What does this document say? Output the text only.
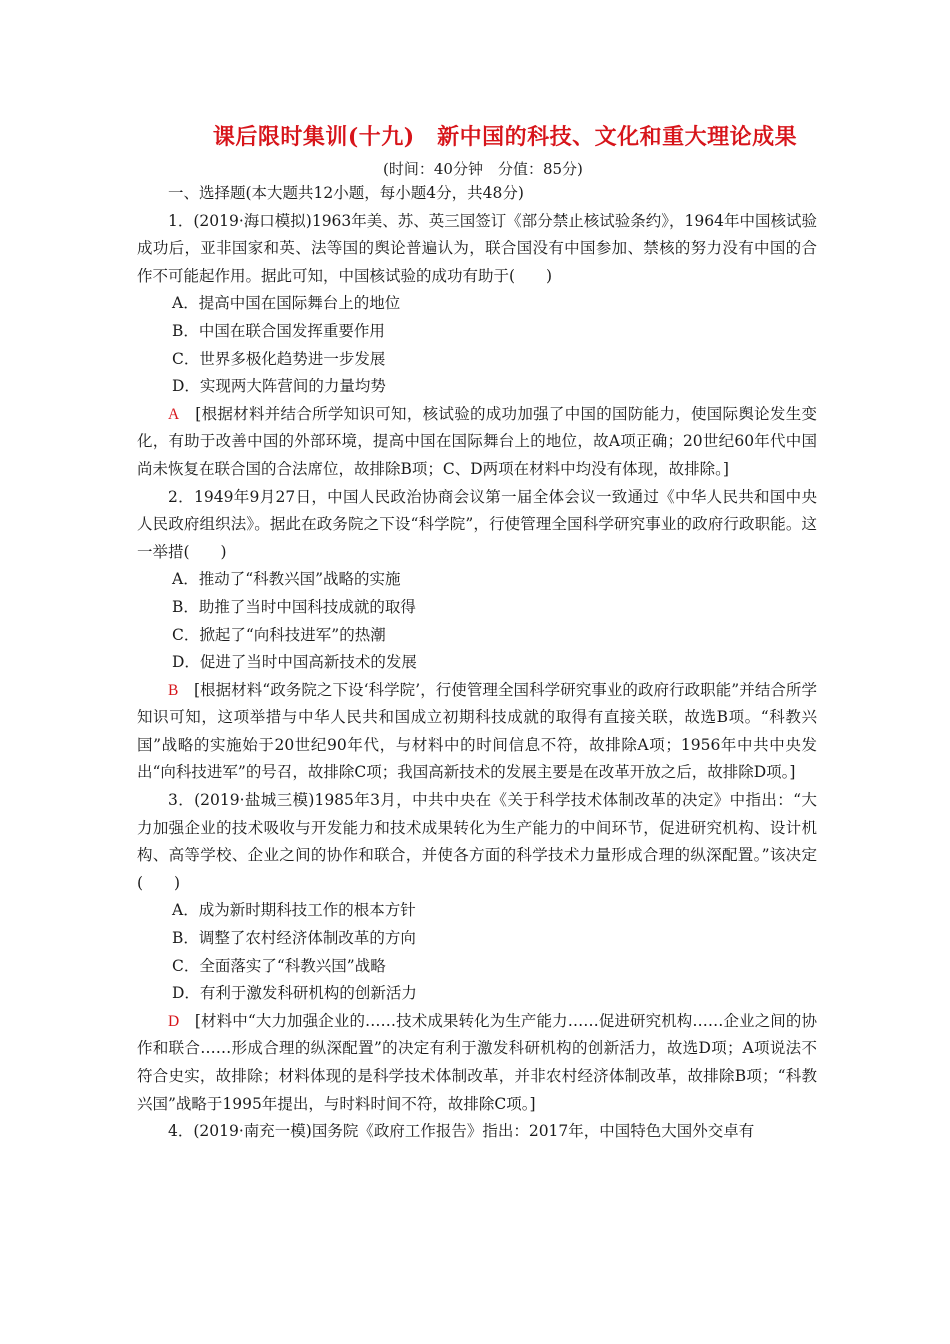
课后限时集训(十九)　新中国的科技、文化和重大理论成果
(时间：40分钟　分值：85分)

一、选择题(本大题共12小题，每小题4分，共48分)

1．(2019·海口模拟)1963年美、苏、英三国签订《部分禁止核试验条约》，1964年中国核试验成功后，亚非国家和英、法等国的舆论普遍认为，联合国没有中国参加、禁核的努力没有中国的合作不可能起作用。据此可知，中国核试验的成功有助于(　　)

A．提高中国在国际舞台上的地位

B．中国在联合国发挥重要作用

C．世界多极化趋势进一步发展

D．实现两大阵营间的力量均势

A　[根据材料并结合所学知识可知，核试验的成功加强了中国的国防能力，使国际舆论发生变化，有助于改善中国的外部环境，提高中国在国际舞台上的地位，故A项正确；20世纪60年代中国尚未恢复在联合国的合法席位，故排除B项；C、D两项在材料中均没有体现，故排除。]

2．1949年9月27日，中国人民政治协商会议第一届全体会议一致通过《中华人民共和国中央人民政府组织法》。据此在政务院之下设“科学院”，行使管理全国科学研究事业的政府行政职能。这一举措(　　)

A．推动了“科教兴国”战略的实施

B．助推了当时中国科技成就的取得

C．掀起了“向科技进军”的热潮

D．促进了当时中国高新技术的发展

B　[根据材料“政务院之下设‘科学院’，行使管理全国科学研究事业的政府行政职能”并结合所学知识可知，这项举措与中华人民共和国成立初期科技成就的取得有直接关联，故选B项。“科教兴国”战略的实施始于20世纪90年代，与材料中的时间信息不符，故排除A项；1956年中共中央发出“向科技进军”的号召，故排除C项；我国高新技术的发展主要是在改革开放之后，故排除D项。]

3．(2019·盐城三模)1985年3月，中共中央在《关于科学技术体制改革的决定》中指出：“大力加强企业的技术吸收与开发能力和技术成果转化为生产能力的中间环节，促进研究机构、设计机构、高等学校、企业之间的协作和联合，并使各方面的科学技术力量形成合理的纵深配置。”该决定(　　)

A．成为新时期科技工作的根本方针

B．调整了农村经济体制改革的方向

C．全面落实了“科教兴国”战略

D．有利于激发科研机构的创新活力

D　[材料中“大力加强企业的……技术成果转化为生产能力……促进研究机构……企业之间的协作和联合……形成合理的纵深配置”的决定有利于激发科研机构的创新活力，故选D项；A项说法不符合史实，故排除；材料体现的是科学技术体制改革，并非农村经济体制改革，故排除B项；“科教兴国”战略于1995年提出，与时料时间不符，故排除C项。]

4．(2019·南充一模)国务院《政府工作报告》指出：2017年，中国特色大国外交卓有
